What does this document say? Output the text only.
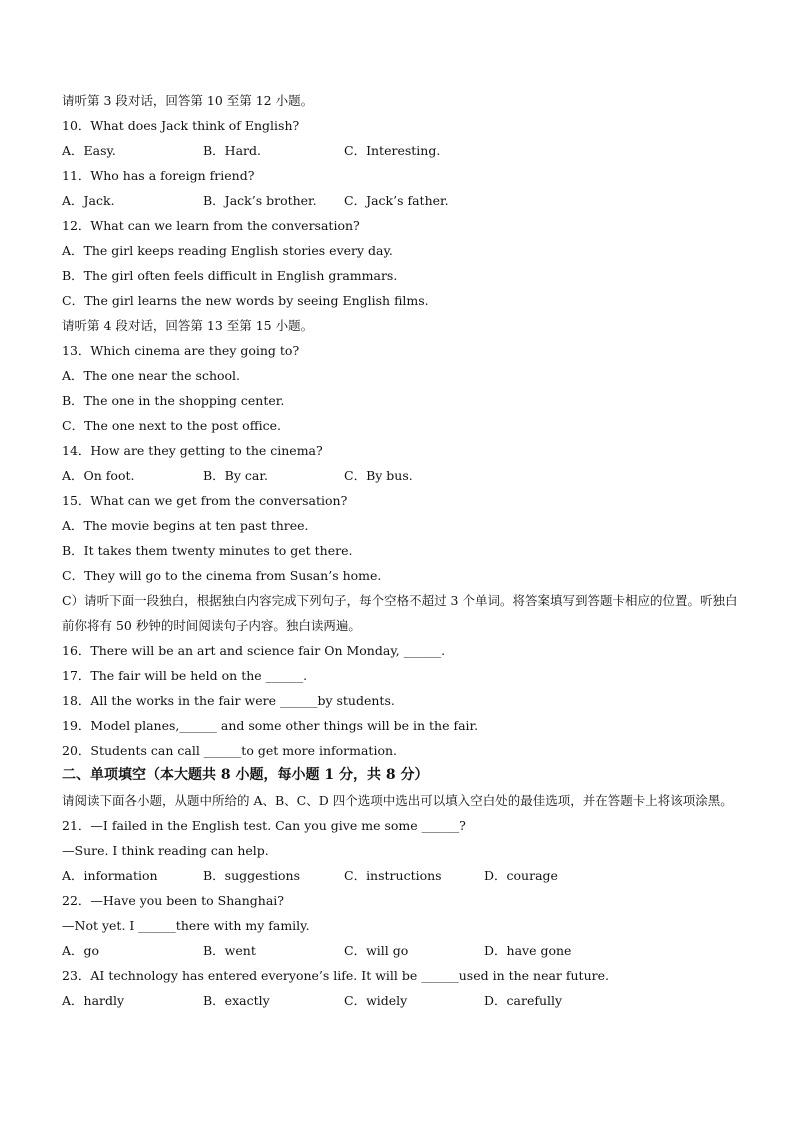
请听第 3 段对话，回答第 10 至第 12 小题。
10．What does Jack think of English?
A．Easy.	B．Hard.	C．Interesting.
11．Who has a foreign friend?
A．Jack.	B．Jack’s brother.	C．Jack’s father.
12．What can we learn from the conversation?
A．The girl keeps reading English stories every day.
B．The girl often feels difficult in English grammars.
C．The girl learns the new words by seeing English films.
请听第 4 段对话，回答第 13 至第 15 小题。
13．Which cinema are they going to?
A．The one near the school.
B．The one in the shopping center.
C．The one next to the post office.
14．How are they getting to the cinema?
A．On foot.	B．By car.	C．By bus.
15．What can we get from the conversation?
A．The movie begins at ten past three.
B．It takes them twenty minutes to get there.
C．They will go to the cinema from Susan’s home.
C）请听下面一段独白，根据独白内容完成下列句子，每个空格不超过 3 个单词。将答案填写到答题卡相应的位置。听独白前你将有 50 秒钟的时间阅读句子内容。独白读两遍。
16．There will be an art and science fair On Monday, ______.
17．The fair will be held on the ______.
18．All the works in the fair were ______by students.
19．Model planes,______ and some other things will be in the fair.
20．Students can call ______to get more information.
二、单项填空（本大题共 8 小题，每小题 1 分，共 8 分）
请阅读下面各小题，从题中所给的 A、B、C、D 四个选项中选出可以填入空白处的最佳选项，并在答题卡上将该项涂黑。
21．—I failed in the English test. Can you give me some ______?
—Sure. I think reading can help.
A．information	B．suggestions	C．instructions	D．courage
22．—Have you been to Shanghai?
—Not yet. I ______there with my family.
A．go	B．went	C．will go	D．have gone
23．AI technology has entered everyone’s life. It will be ______used in the near future.
A．hardly	B．exactly	C．widely	D．carefully
